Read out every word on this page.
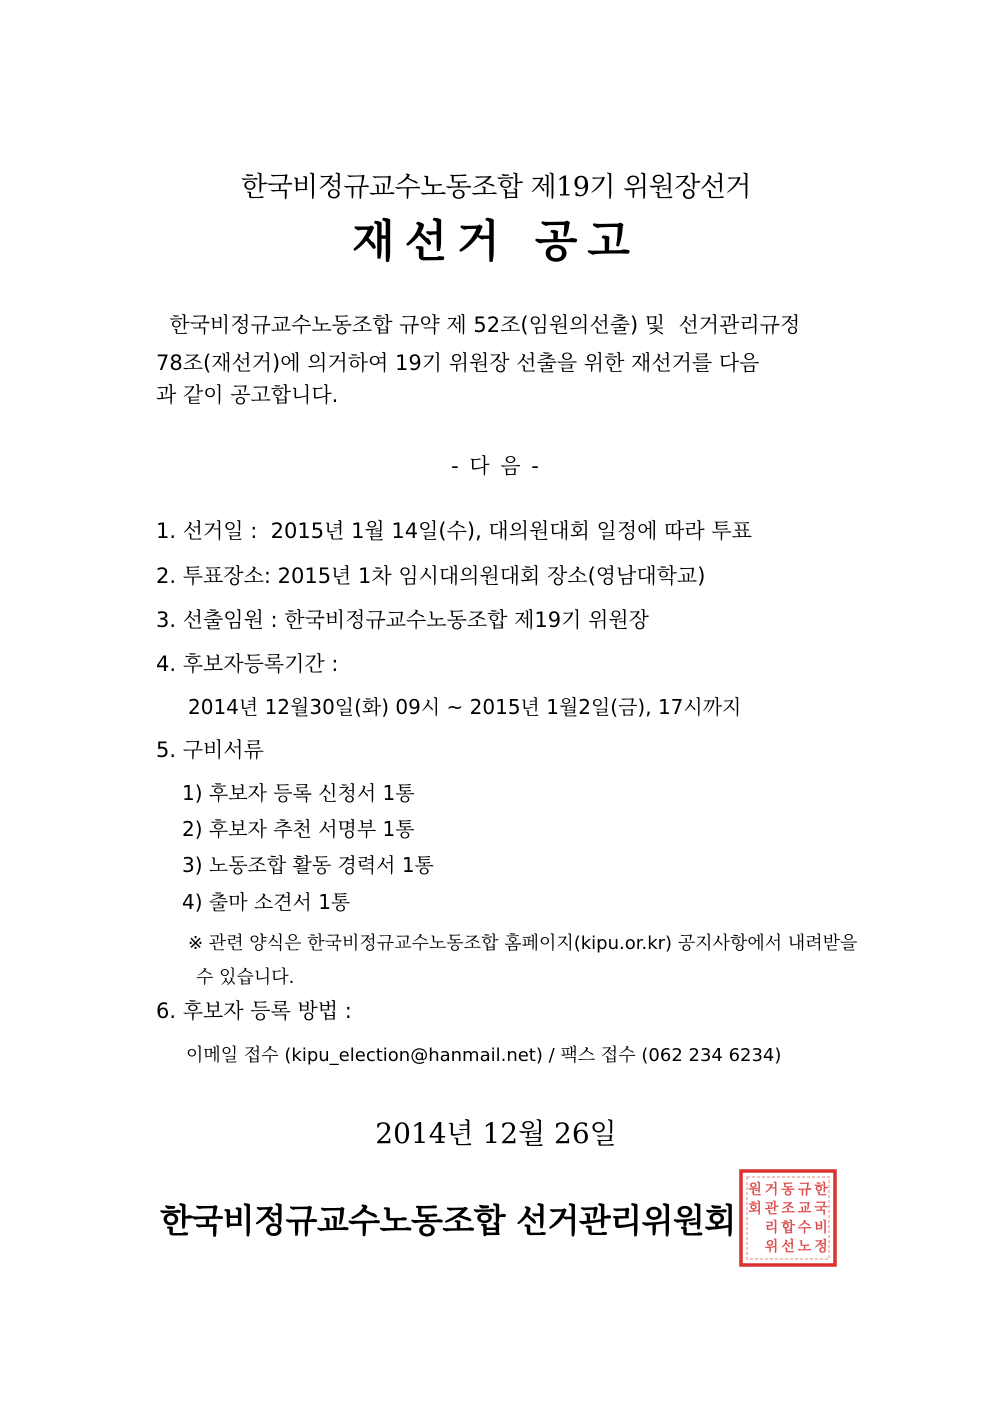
한국비정규교수노동조합 제19기 위원장선거
재선거 공고
한국비정규교수노동조합 규약 제 52조(임원의선출) 및  선거관리규정
78조(재선거)에 의거하여 19기 위원장 선출을 위한 재선거를 다음
과 같이 공고합니다.
- 다 음 -
1. 선거일 :  2015년 1월 14일(수), 대의원대회 일정에 따라 투표
2. 투표장소: 2015년 1차 임시대의원대회 장소(영남대학교)
3. 선출임원 : 한국비정규교수노동조합 제19기 위원장
4. 후보자등록기간 :
2014년 12월30일(화) 09시 ~ 2015년 1월2일(금), 17시까지
5. 구비서류
1) 후보자 등록 신청서 1통
2) 후보자 추천 서명부 1통
3) 노동조합 활동 경력서 1통
4) 출마 소견서 1통
※ 관련 양식은 한국비정규교수노동조합 홈페이지(kipu.or.kr) 공지사항에서 내려받을
수 있습니다.
6. 후보자 등록 방법 :
이메일 접수 (kipu_election@hanmail.net) / 팩스 접수 (062 234 6234)
2014년 12월 26일
한국비정규교수노동조합 선거관리위원회
한
국
비
정
규
교
수
노
동
조
합
선
거
관
리
위
원
회
